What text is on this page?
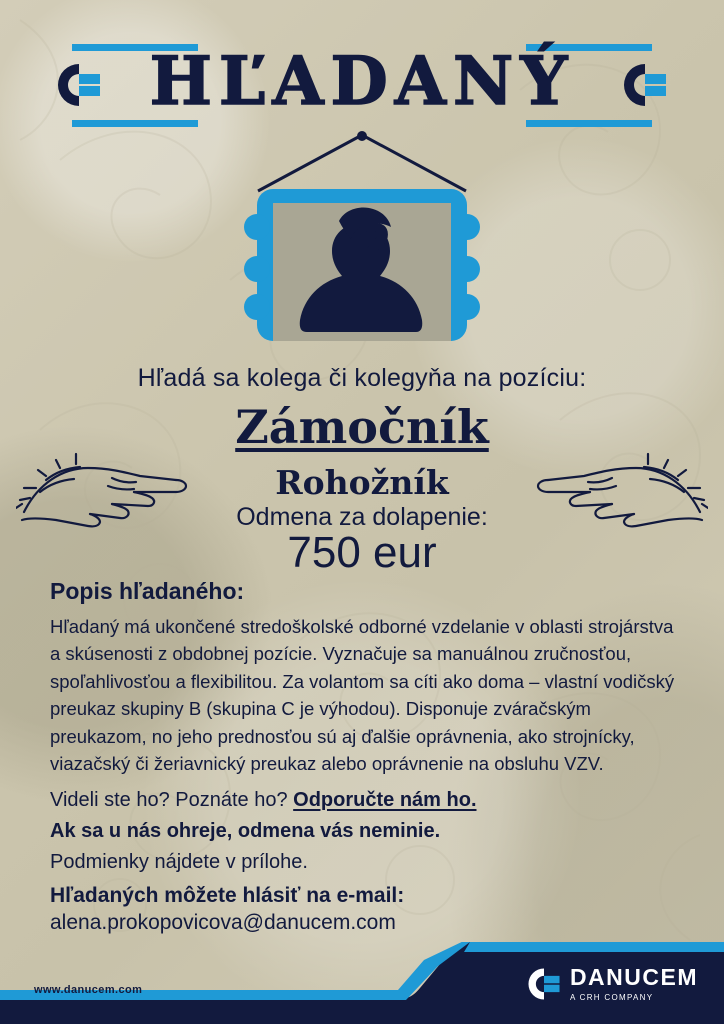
HĽADANÝ
?
Hľadá sa kolega či kolegyňa na pozíciu:
Zámočník
Rohožník
Odmena za dolapenie:
750 eur

Popis hľadaného:

Hľadaný má ukončené stredoškolské odborné vzdelanie v oblasti strojárstva a skúsenosti z obdobnej pozície. Vyznačuje sa manuálnou zručnosťou, spoľahlivosťou a flexibilitou. Za volantom sa cíti ako doma – vlastní vodičský preukaz skupiny B (skupina C je výhodou). Disponuje zváračským preukazom, no jeho prednosťou sú aj ďalšie oprávnenia, ako strojnícky, viazačský či žeriavnický preukaz alebo oprávnenie na obsluhu VZV.

Videli ste ho? Poznáte ho? Odporučte nám ho.

Ak sa u nás ohreje, odmena vás neminie.

Podmienky nájdete v prílohe.

Hľadaných môžete hlásiť na e-mail:

alena.prokopovicova@danucem.com

www.danucem.com	DANUCEM
A CRH COMPANY
